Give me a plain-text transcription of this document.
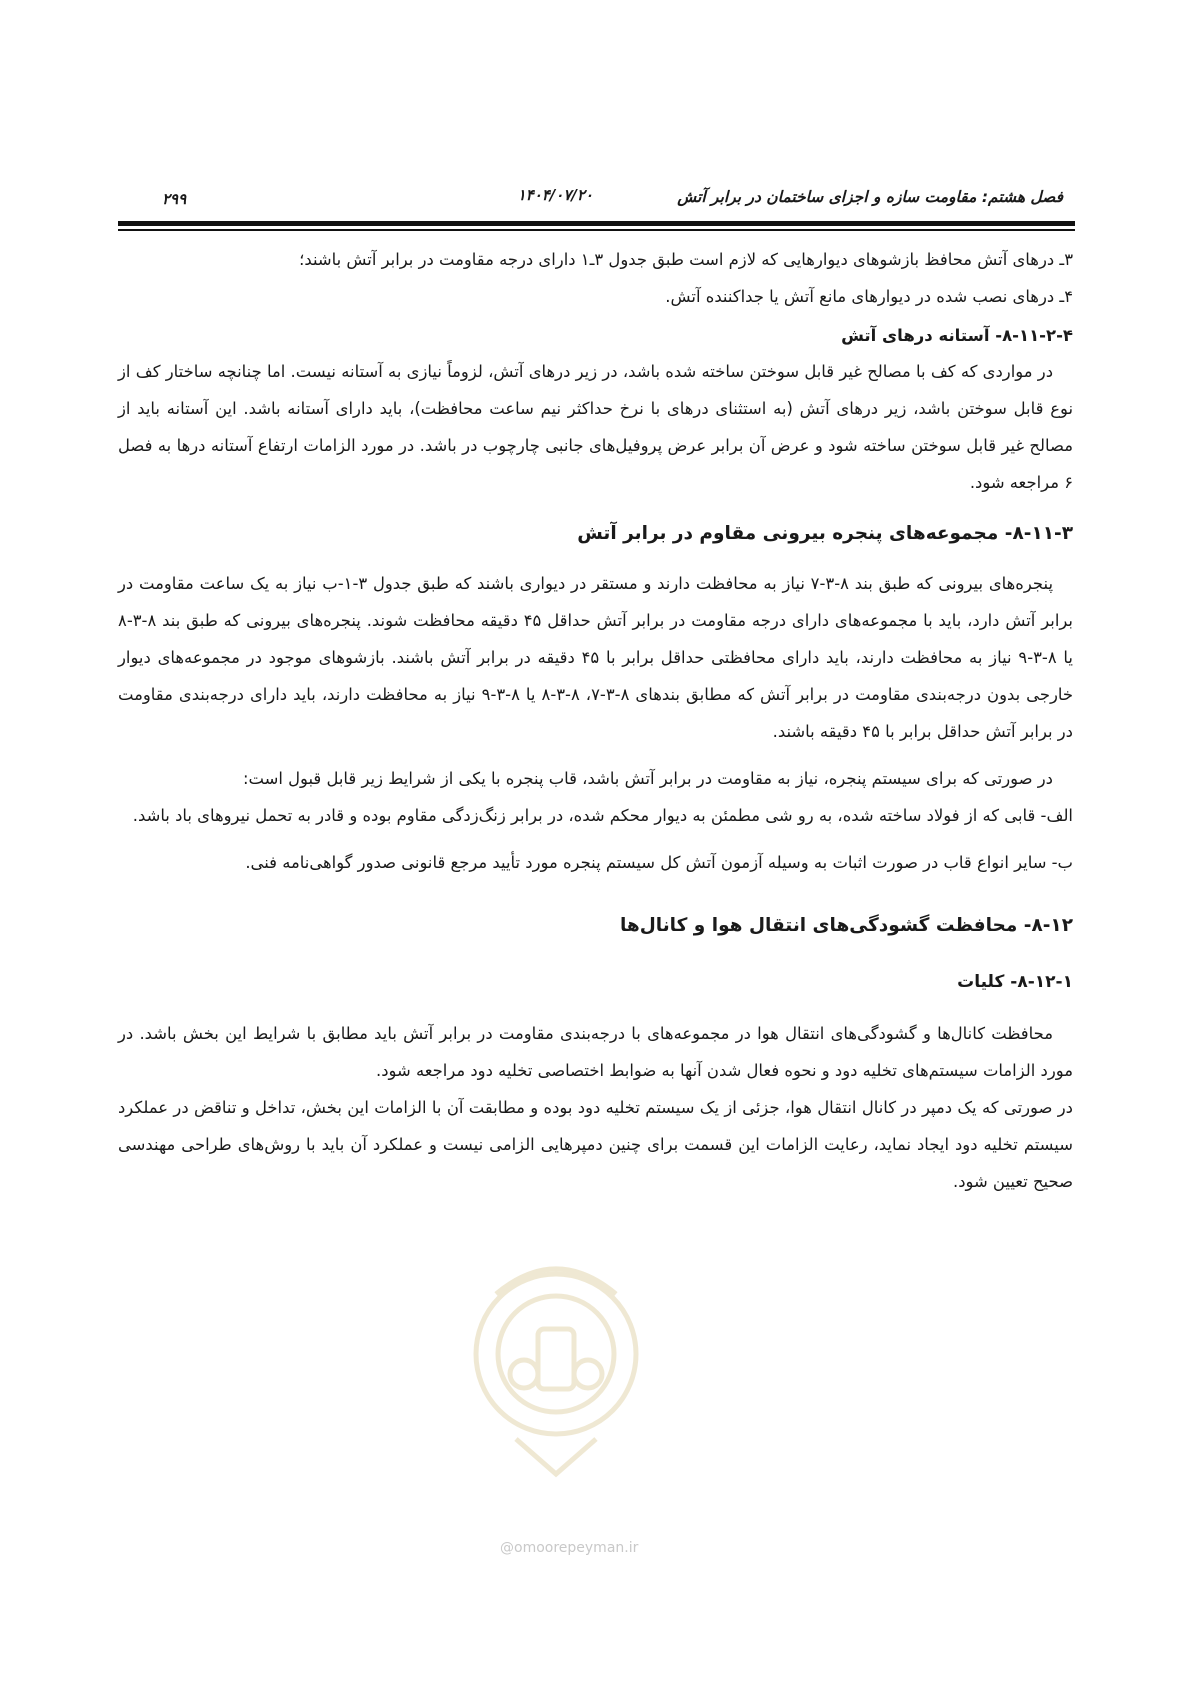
فصل هشتم: مقاومت سازه و اجزای ساختمان در برابر آتش
۱۴۰۴/۰۷/۲۰
۲۹۹

۳ـ درهای آتش محافظ بازشوهای دیوارهایی که لازم است طبق جدول ۳ـ۱ دارای درجه مقاومت در برابر آتش باشند؛

۴ـ درهای نصب شده در دیوارهای مانع آتش یا جداکننده آتش.

۸-۱۱-۲-۴- آستانه درهای آتش

در مواردی که کف با مصالح غیر قابل سوختن ساخته شده باشد، در زیر درهای آتش، لزوماً نیازی به آستانه نیست. اما چنانچه ساختار کف از نوع قابل سوختن باشد، زیر درهای آتش (به استثنای درهای با نرخ حداکثر نیم ساعت محافظت)، باید دارای آستانه باشد. این آستانه باید از مصالح غیر قابل سوختن ساخته شود و عرض آن برابر عرض پروفیل‌های جانبی چارچوب در باشد. در مورد الزامات ارتفاع آستانه درها به فصل ۶ مراجعه شود.

۸-۱۱-۳- مجموعه‌های پنجره بیرونی مقاوم در برابر آتش

پنجره‌های بیرونی که طبق بند ۸-۳-۷ نیاز به محافظت دارند و مستقر در دیواری باشند که طبق جدول ۳-۱-ب نیاز به یک ساعت مقاومت در برابر آتش دارد، باید با مجموعه‌های دارای درجه مقاومت در برابر آتش حداقل ۴۵ دقیقه محافظت شوند. پنجره‌های بیرونی که طبق بند ۸-۳-۸ یا ۸-۳-۹ نیاز به محافظت دارند، باید دارای محافظتی حداقل برابر با ۴۵ دقیقه در برابر آتش باشند. بازشوهای موجود در مجموعه‌های دیوار خارجی بدون درجه‌بندی مقاومت در برابر آتش که مطابق بندهای ۸-۳-۷، ۸-۳-۸ یا ۸-۳-۹ نیاز به محافظت دارند، باید دارای درجه‌بندی مقاومت در برابر آتش حداقل برابر با ۴۵ دقیقه باشند.

در صورتی که برای سیستم پنجره، نیاز به مقاومت در برابر آتش باشد، قاب پنجره با یکی از شرایط زیر قابل قبول است:

الف- قابی که از فولاد ساخته شده، به رو شی مطمئن به دیوار محکم شده، در برابر زنگ‌زدگی مقاوم بوده و قادر به تحمل نیروهای باد باشد.

ب- سایر انواع قاب در صورت اثبات به وسیله آزمون آتش کل سیستم پنجره مورد تأیید مرجع قانونی صدور گواهی‌نامه فنی.

۸-۱۲- محافظت گشودگی‌های انتقال هوا و کانال‌ها
۸-۱۲-۱- کلیات

محافظت کانال‌ها و گشودگی‌های انتقال هوا در مجموعه‌های با درجه‌بندی مقاومت در برابر آتش باید مطابق با شرایط این بخش باشد. در مورد الزامات سیستم‌های تخلیه دود و نحوه فعال شدن آنها به ضوابط اختصاصی تخلیه دود مراجعه شود.

در صورتی که یک دمپر در کانال انتقال هوا، جزئی از یک سیستم تخلیه دود بوده و مطابقت آن با الزامات این بخش، تداخل و تناقض در عملکرد سیستم تخلیه دود ایجاد نماید، رعایت الزامات این قسمت برای چنین دمپرهایی الزامی نیست و عملکرد آن باید با روش‌های طراحی مهندسی صحیح تعیین شود.

@omoorepeyman.ir
